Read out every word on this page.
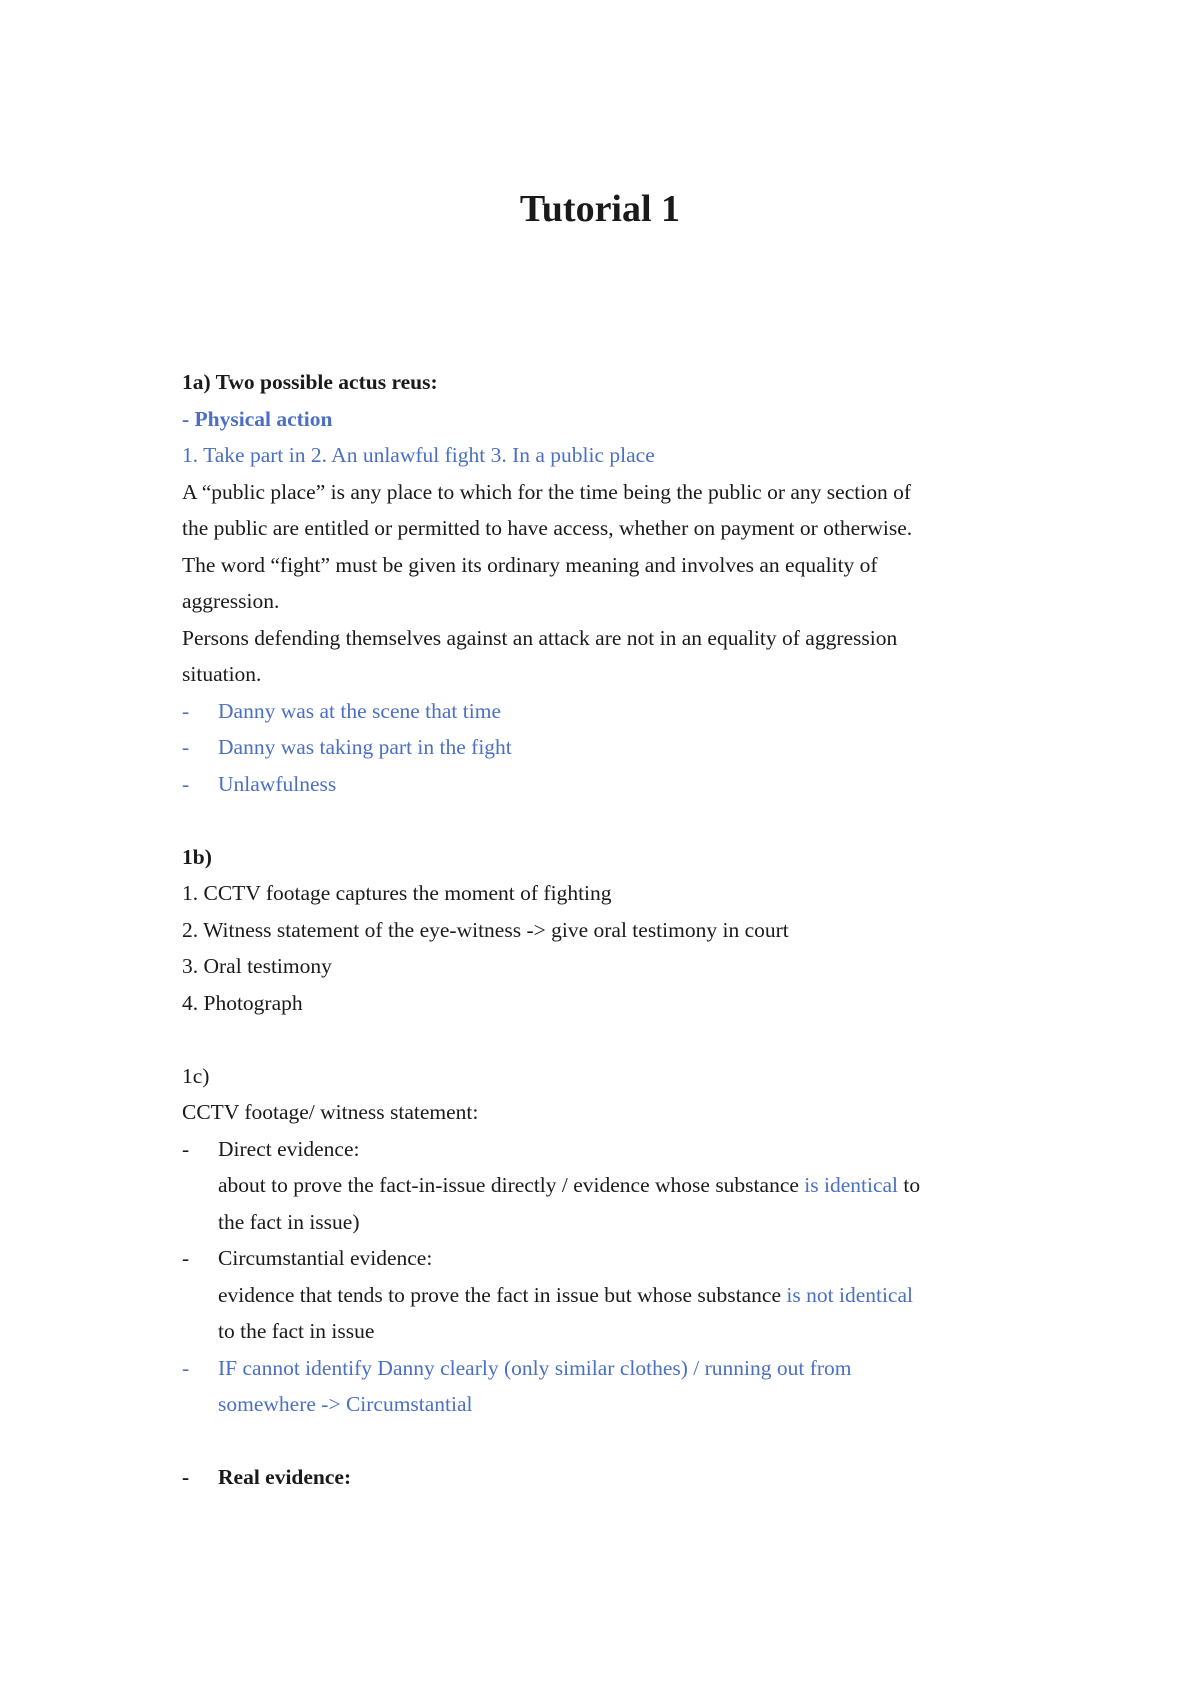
Tutorial 1
1a) Two possible actus reus:
- Physical action
1. Take part in 2. An unlawful fight 3. In a public place
A “public place” is any place to which for the time being the public or any section of
the public are entitled or permitted to have access, whether on payment or otherwise.
The word “fight” must be given its ordinary meaning and involves an equality of
aggression.
Persons defending themselves against an attack are not in an equality of aggression
situation.
- Danny was at the scene that time
- Danny was taking part in the fight
- Unlawfulness
1b)
1. CCTV footage captures the moment of fighting
2. Witness statement of the eye-witness -> give oral testimony in court
3. Oral testimony
4. Photograph
1c)
CCTV footage/ witness statement:
- Direct evidence:
about to prove the fact-in-issue directly / evidence whose substance is identical to
the fact in issue)
- Circumstantial evidence:
evidence that tends to prove the fact in issue but whose substance is not identical
to the fact in issue
- IF cannot identify Danny clearly (only similar clothes) / running out from
somewhere -> Circumstantial
- Real evidence:
